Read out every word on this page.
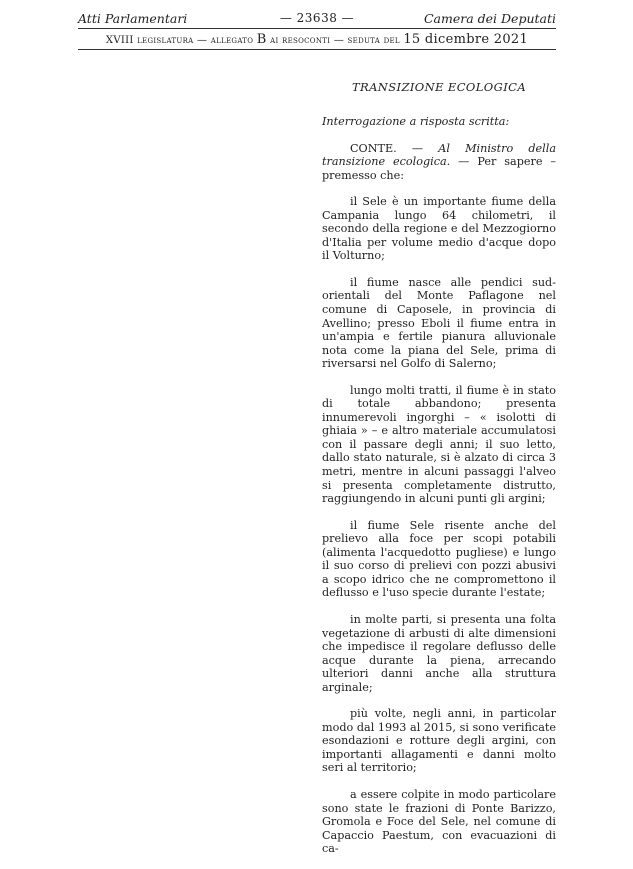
Atti Parlamentari	— 23638 —	Camera dei Deputati
XVIII legislatura — allegato B ai resoconti — seduta del 15 dicembre 2021
TRANSIZIONE ECOLOGICA

Interrogazione a risposta scritta:

CONTE. — Al Ministro della transizione ecologica. — Per sapere – premesso che:

il Sele è un importante fiume della Campania lungo 64 chilometri, il secondo della regione e del Mezzogiorno d'Italia per volume medio d'acque dopo il Volturno;

il fiume nasce alle pendici sud-orientali del Monte Paflagone nel comune di Caposele, in provincia di Avellino; presso Eboli il fiume entra in un'ampia e fertile pianura alluvionale nota come la piana del Sele, prima di riversarsi nel Golfo di Salerno;

lungo molti tratti, il fiume è in stato di totale abbandono; presenta innumerevoli ingorghi – « isolotti di ghiaia » – e altro materiale accumulatosi con il passare degli anni; il suo letto, dallo stato naturale, si è alzato di circa 3 metri, mentre in alcuni passaggi l'alveo si presenta completamente distrutto, raggiungendo in alcuni punti gli argini;

il fiume Sele risente anche del prelievo alla foce per scopi potabili (alimenta l'acquedotto pugliese) e lungo il suo corso di prelievi con pozzi abusivi a scopo idrico che ne compromettono il deflusso e l'uso specie durante l'estate;

in molte parti, si presenta una folta vegetazione di arbusti di alte dimensioni che impedisce il regolare deflusso delle acque durante la piena, arrecando ulteriori danni anche alla struttura arginale;

più volte, negli anni, in particolar modo dal 1993 al 2015, si sono verificate esondazioni e rotture degli argini, con importanti allagamenti e danni molto seri al territorio;

a essere colpite in modo particolare sono state le frazioni di Ponte Barizzo, Gromola e Foce del Sele, nel comune di Capaccio Paestum, con evacuazioni di ca-
